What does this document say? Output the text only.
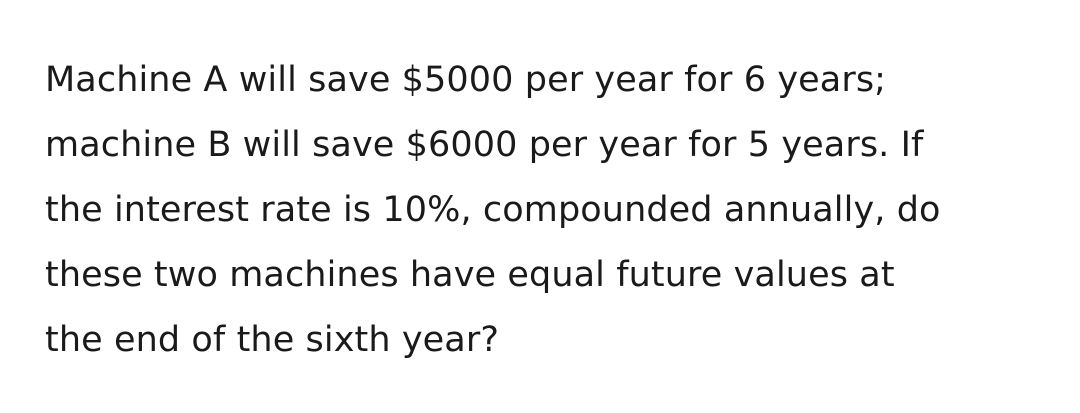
Machine A will save $5000 per year for 6 years;
machine B will save $6000 per year for 5 years. If
the interest rate is 10%, compounded annually, do
these two machines have equal future values at
the end of the sixth year?
